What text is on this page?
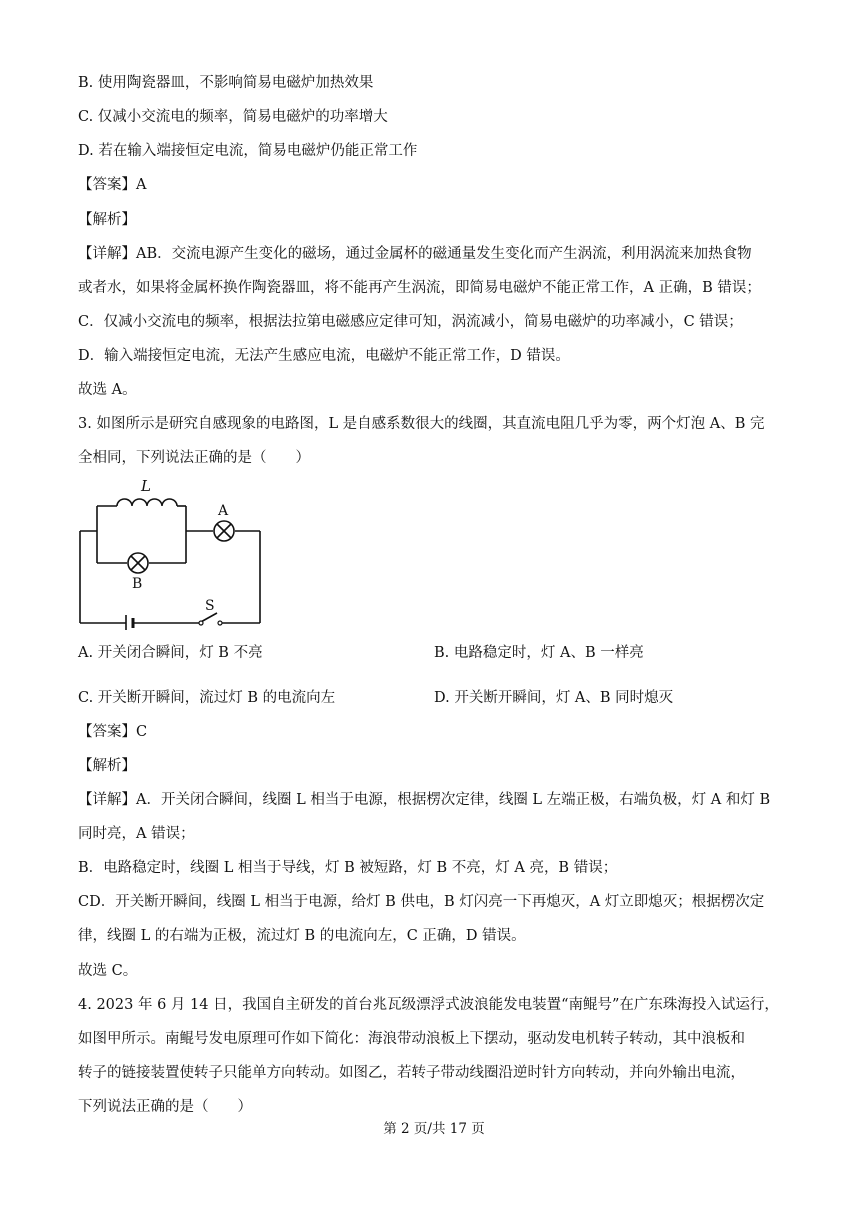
B. 使用陶瓷器皿，不影响简易电磁炉加热效果
C. 仅减小交流电的频率，简易电磁炉的功率增大
D. 若在输入端接恒定电流，简易电磁炉仍能正常工作
【答案】A
【解析】
【详解】AB．交流电源产生变化的磁场，通过金属杯的磁通量发生变化而产生涡流，利用涡流来加热食物
或者水，如果将金属杯换作陶瓷器皿，将不能再产生涡流，即简易电磁炉不能正常工作，A 正确，B 错误；
C．仅减小交流电的频率，根据法拉第电磁感应定律可知，涡流减小，简易电磁炉的功率减小，C 错误；
D．输入端接恒定电流，无法产生感应电流，电磁炉不能正常工作，D 错误。
故选 A。
3. 如图所示是研究自感现象的电路图，L 是自感系数很大的线圈，其直流电阻几乎为零，两个灯泡 A、B 完
全相同，下列说法正确的是（　　）
L
A
B
S
A. 开关闭合瞬间，灯 B 不亮	B. 电路稳定时，灯 A、B 一样亮
C. 开关断开瞬间，流过灯 B 的电流向左	D. 开关断开瞬间，灯 A、B 同时熄灭
【答案】C
【解析】
【详解】A．开关闭合瞬间，线圈 L 相当于电源，根据楞次定律，线圈 L 左端正极，右端负极，灯 A 和灯 B
同时亮，A 错误；
B．电路稳定时，线圈 L 相当于导线，灯 B 被短路，灯 B 不亮，灯 A 亮，B 错误；
CD．开关断开瞬间，线圈 L 相当于电源，给灯 B 供电，B 灯闪亮一下再熄灭，A 灯立即熄灭；根据楞次定
律，线圈 L 的右端为正极，流过灯 B 的电流向左，C 正确，D 错误。
故选 C。
4. 2023 年 6 月 14 日，我国自主研发的首台兆瓦级漂浮式波浪能发电装置“南鲲号”在广东珠海投入试运行，
如图甲所示。南鲲号发电原理可作如下简化：海浪带动浪板上下摆动，驱动发电机转子转动，其中浪板和
转子的链接装置使转子只能单方向转动。如图乙，若转子带动线圈沿逆时针方向转动，并向外输出电流，
下列说法正确的是（　　）
第 2 页/共 17 页
